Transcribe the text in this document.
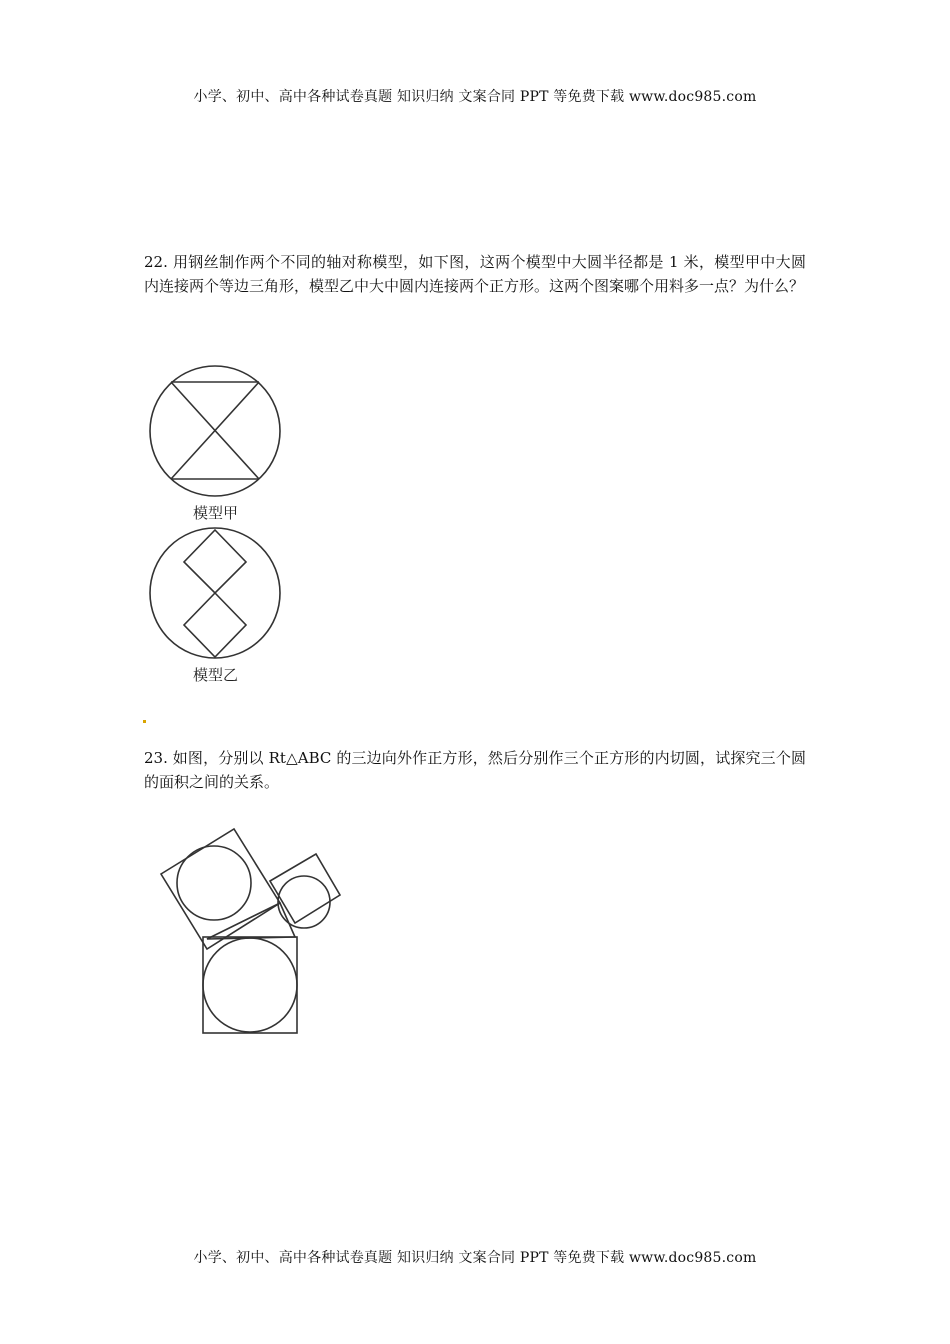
小学、初中、高中各种试卷真题 知识归纳 文案合同 PPT 等免费下载 www.doc985.com
22. 用钢丝制作两个不同的轴对称模型，如下图，这两个模型中大圆半径都是 1 米，模型甲中大圆内连接两个等边三角形，模型乙中大中圆内连接两个正方形。这两个图案哪个用料多一点？为什么？
模型甲
模型乙
23. 如图，分别以 Rt△ABC 的三边向外作正方形，然后分别作三个正方形的内切圆，试探究三个圆的面积之间的关系。
小学、初中、高中各种试卷真题 知识归纳 文案合同 PPT 等免费下载 www.doc985.com
